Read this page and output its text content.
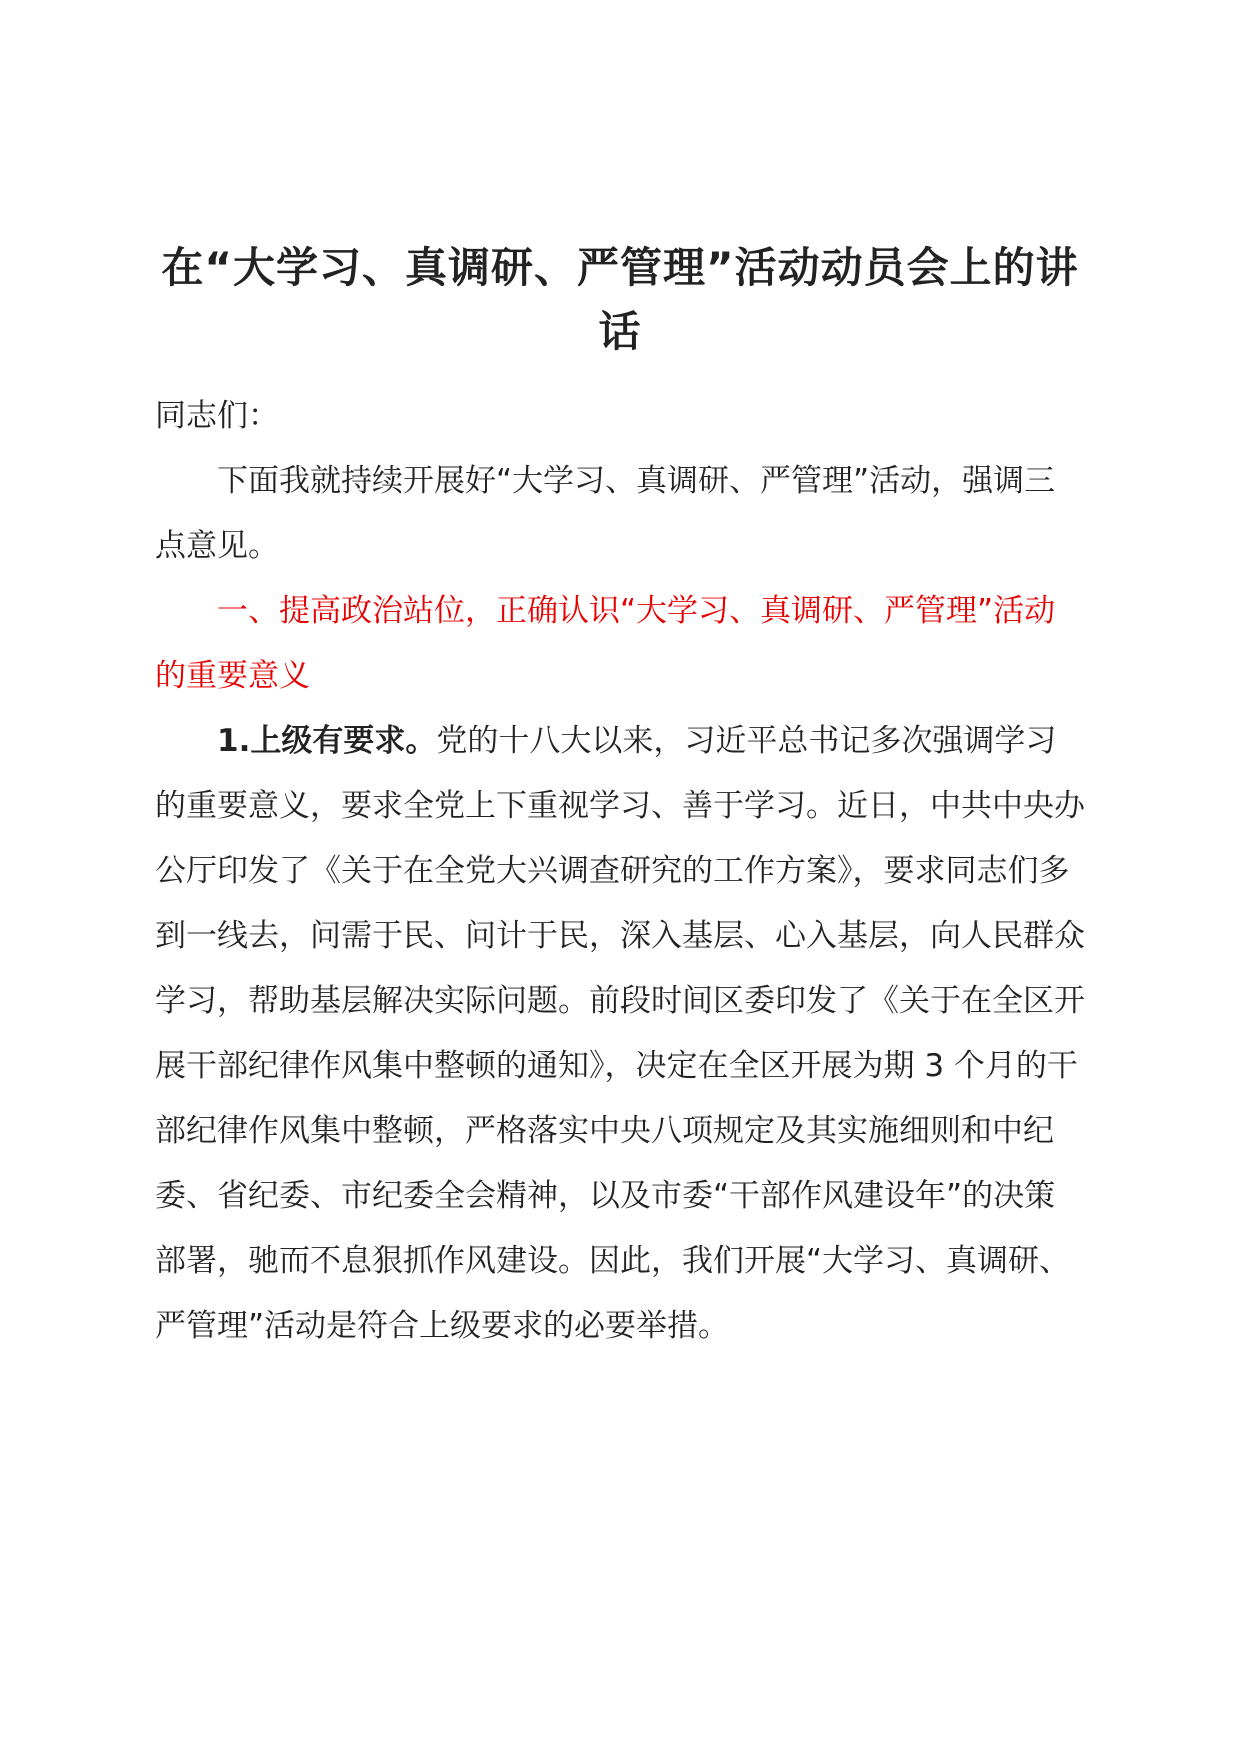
在“大学习、真调研、严管理”活动动员会上的讲话

同志们：

下面我就持续开展好“大学习、真调研、严管理”活动，强调三点意见。

一、提高政治站位，正确认识“大学习、真调研、严管理”活动的重要意义

1.上级有要求。党的十八大以来，习近平总书记多次强调学习的重要意义，要求全党上下重视学习、善于学习。近日，中共中央办公厅印发了《关于在全党大兴调查研究的工作方案》，要求同志们多到一线去，问需于民、问计于民，深入基层、心入基层，向人民群众学习，帮助基层解决实际问题。前段时间区委印发了《关于在全区开展干部纪律作风集中整顿的通知》，决定在全区开展为期 3 个月的干部纪律作风集中整顿，严格落实中央八项规定及其实施细则和中纪委、省纪委、市纪委全会精神，以及市委“干部作风建设年”的决策部署，驰而不息狠抓作风建设。因此，我们开展“大学习、真调研、严管理”活动是符合上级要求的必要举措。
